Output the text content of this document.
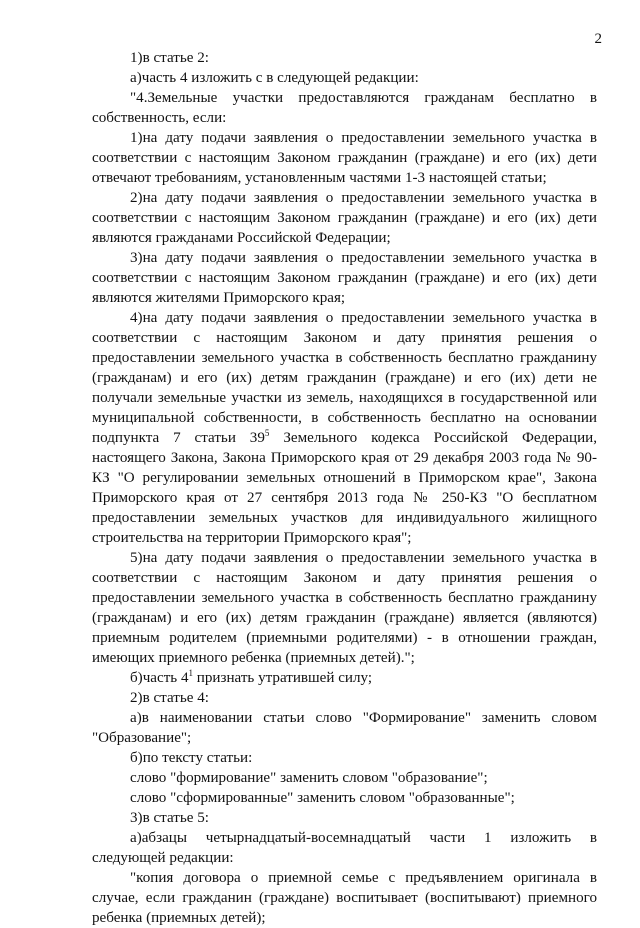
2

1)в статье 2:

а)часть 4 изложить с в следующей редакции:

"4.Земельные участки предоставляются гражданам бесплатно в собственность, если:

1)на дату подачи заявления о предоставлении земельного участка в соответствии с настоящим Законом гражданин (граждане) и его (их) дети отвечают требованиям, установленным частями 1-3 настоящей статьи;

2)на дату подачи заявления о предоставлении земельного участка в соответствии с настоящим Законом гражданин (граждане) и его (их) дети являются гражданами Российской Федерации;

3)на дату подачи заявления о предоставлении земельного участка в соответствии с настоящим Законом гражданин (граждане) и его (их) дети являются жителями Приморского края;

4)на дату подачи заявления о предоставлении земельного участка в соответствии с настоящим Законом и дату принятия решения о предоставлении земельного участка в собственность бесплатно гражданину (гражданам) и его (их) детям гражданин (граждане) и его (их) дети не получали земельные участки из земель, находящихся в государственной или муниципальной собственности, в собственность бесплатно на основании подпункта 7 статьи $39^5$ Земельного кодекса Российской Федерации, настоящего Закона, Закона Приморского края от 29 декабря 2003 года № 90-КЗ "О регулировании земельных отношений в Приморском крае", Закона Приморского края от 27 сентября 2013 года № 250-КЗ "О бесплатном предоставлении земельных участков для индивидуального жилищного строительства на территории Приморского края";

5)на дату подачи заявления о предоставлении земельного участка в соответствии с настоящим Законом и дату принятия решения о предоставлении земельного участка в собственность бесплатно гражданину (гражданам) и его (их) детям гражданин (граждане) является (являются) приемным родителем (приемными родителями) - в отношении граждан, имеющих приемного ребенка (приемных детей).";

б)часть $4^1$ признать утратившей силу;

2)в статье 4:

а)в наименовании статьи слово "Формирование" заменить словом "Образование";

б)по тексту статьи:

слово "формирование" заменить словом "образование";

слово "сформированные" заменить словом "образованные";

3)в статье 5:

а)абзацы четырнадцатый-восемнадцатый части 1 изложить в следующей редакции:

"копия договора о приемной семье с предъявлением оригинала в случае, если гражданин (граждане) воспитывает (воспитывают) приемного ребенка (приемных детей);
